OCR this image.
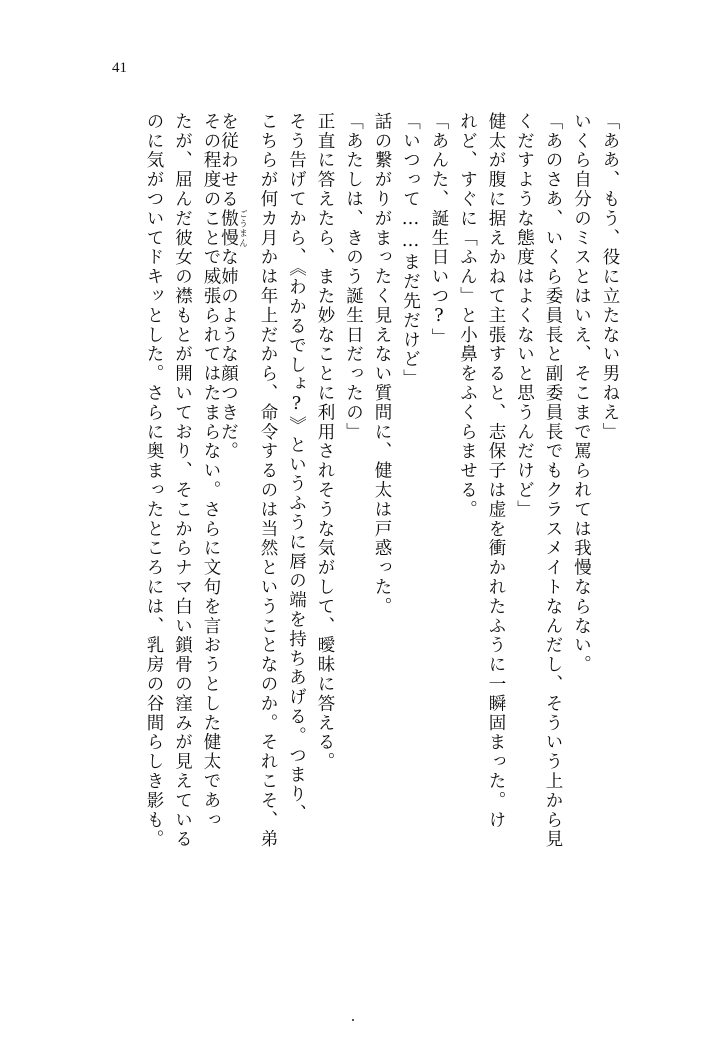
41
「ああ、もう、役に立たない男ねえ」
いくら自分のミスとはいえ、そこまで罵られては我慢ならない。
「あのさあ、いくら委員長と副委員長でもクラスメイトなんだし、そういう上から見
くだすような態度はよくないと思うんだけど」
健太が腹に据えかねて主張すると、志保子は虚を衝かれたふうに一瞬固まった。け
れど、すぐに「ふん」と小鼻をふくらませる。
「あんた、誕生日いつ?」
「いつって……まだ先だけど」
話の繋がりがまったく見えない質問に、健太は戸惑った。
「あたしは、きのう誕生日だったの」
正直に答えたら、また妙なことに利用されそうな気がして、曖昧に答える。
そう告げてから、《わかるでしょ?》というふうに唇の端を持ちあげる。つまり、
こちらが何カ月かは年上だから、命令するのは当然ということなのか。それこそ、弟
を従わせる傲慢 ごうまんな姉のような顔つきだ。
その程度のことで威張られてはたまらない。さらに文句を言おうとした健太であっ
たが、屈んだ彼女の襟もとが開いており、そこからナマ白い鎖骨の窪みが見えている
のに気がついてドキッとした。さらに奥まったところには、乳房の谷間らしき影も。
・
